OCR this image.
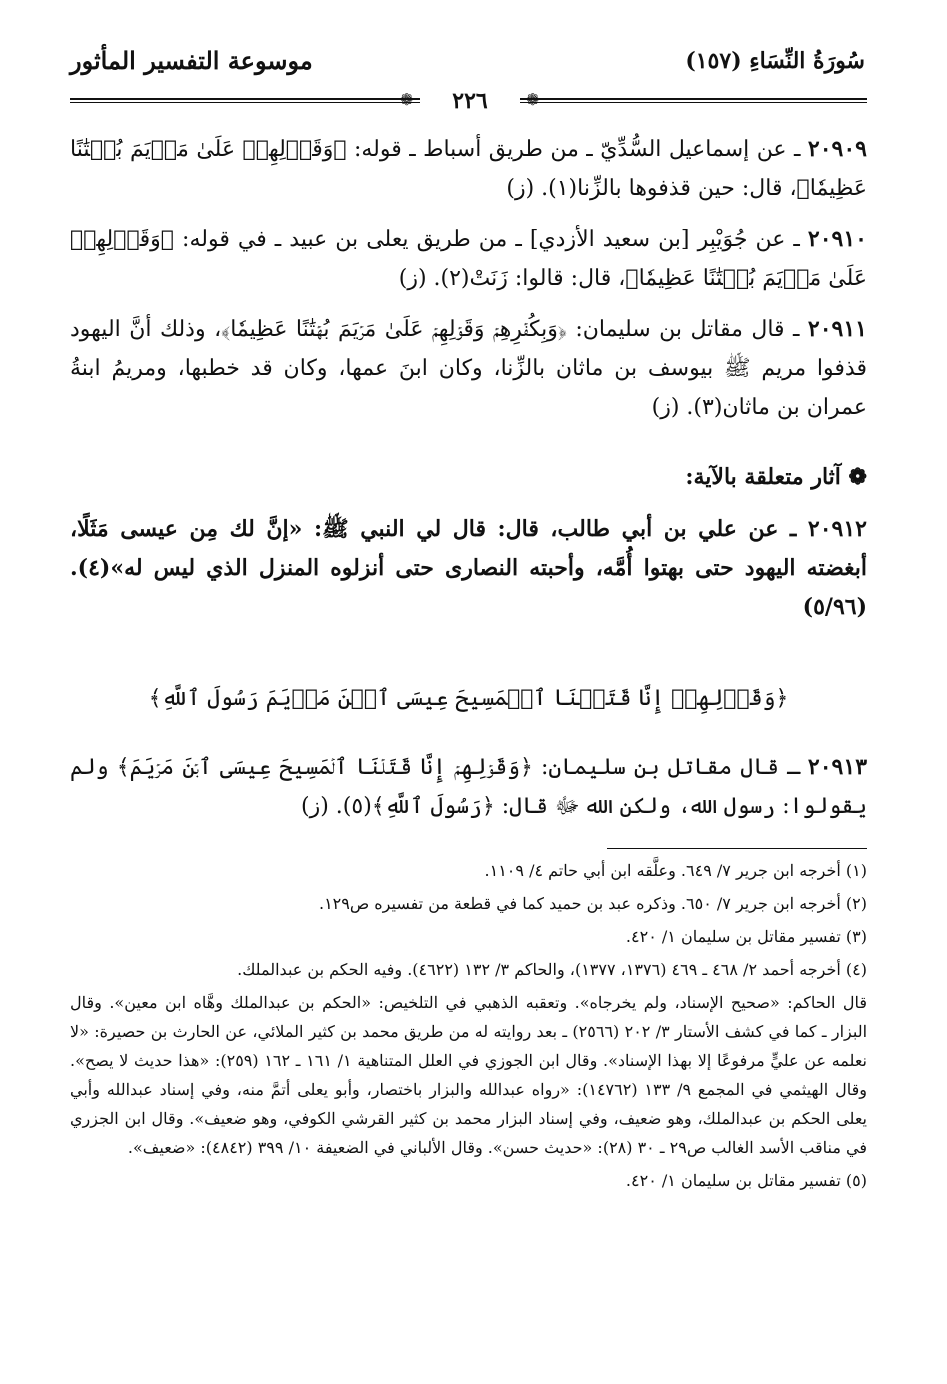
سُورَةُ النِّسَاءِ (١٥٧)
موسوعة التفسير المأثور
❁	٢٢٦	❁

٢٠٩٠٩ ـ عن إسماعيل السُّدِّيّ ـ من طريق أسباط ـ قوله: ﴿وَقَوۡلِهِمۡ عَلَىٰ مَرۡيَمَ بُهۡتَٰنًا عَظِيمٗا﴾، قال: حين قذفوها بالزِّنا(١). (ز)

٢٠٩١٠ ـ عن جُوَيْبِر [بن سعيد الأزدي] ـ من طريق يعلى بن عبيد ـ في قوله: ﴿وَقَوۡلِهِمۡ عَلَىٰ مَرۡيَمَ بُهۡتَٰنًا عَظِيمٗا﴾، قال: قالوا: زَنَتْ(٢). (ز)

٢٠٩١١ ـ قال مقاتل بن سليمان: ﴿وَبِكُفۡرِهِمۡ وَقَوۡلِهِمۡ عَلَىٰ مَرۡيَمَ بُهۡتَٰنًا عَظِيمٗا﴾، وذلك أنَّ اليهود قذفوا مريم ﷺ بيوسف بن ماثان بالزِّنا، وكان ابنَ عمها، وكان قد خطبها، ومريمُ ابنةُ عمران بن ماثان(٣). (ز)

❁ آثار متعلقة بالآية:

٢٠٩١٢ ـ عن علي بن أبي طالب، قال: قال لي النبي ﷺ: «إنَّ لك مِن عيسى مَثَلًا، أبغضته اليهود حتى بهتوا أُمَّه، وأحبته النصارى حتى أنزلوه المنزل الذي ليس له»(٤). (٥/٩٦)

﴿وَقَوۡلِهِمۡ إِنَّا قَتَلۡنَا ٱلۡمَسِيحَ عِيسَى ٱبۡنَ مَرۡيَمَ رَسُولَ ٱللَّهِ﴾

٢٠٩١٣ ـ قال مقاتل بن سليمان: ﴿وَقَوۡلِهِمۡ إِنَّا قَتَلۡنَا ٱلۡمَسِيحَ عِيسَى ٱبۡنَ مَرۡيَمَ﴾ ولم يقولوا: رسول الله، ولكن الله ﷻ قال: ﴿رَسُولَ ٱللَّهِ﴾(٥). (ز)

(١) أخرجه ابن جرير ٧/ ٦٤٩. وعلَّقه ابن أبي حاتم ٤/ ١١٠٩.

(٢) أخرجه ابن جرير ٧/ ٦٥٠. وذكره عبد بن حميد كما في قطعة من تفسيره ص١٢٩.

(٣) تفسير مقاتل بن سليمان ١/ ٤٢٠.

(٤) أخرجه أحمد ٢/ ٤٦٨ ـ ٤٦٩ (١٣٧٦، ١٣٧٧)، والحاكم ٣/ ١٣٢ (٤٦٢٢). وفيه الحكم بن عبدالملك.

قال الحاكم: «صحيح الإسناد، ولم يخرجاه». وتعقبه الذهبي في التلخيص: «الحكم بن عبدالملك وهَّاه ابن معين». وقال البزار ـ كما في كشف الأستار ٣/ ٢٠٢ (٢٥٦٦) ـ بعد روايته له من طريق محمد بن كثير الملائي، عن الحارث بن حصيرة: «لا نعلمه عن عليٍّ مرفوعًا إلا بهذا الإسناد». وقال ابن الجوزي في العلل المتناهية ١/ ١٦١ ـ ١٦٢ (٢٥٩): «هذا حديث لا يصح». وقال الهيثمي في المجمع ٩/ ١٣٣ (١٤٧٦٢): «رواه عبدالله والبزار باختصار، وأبو يعلى أتمَّ منه، وفي إسناد عبدالله وأبي يعلى الحكم بن عبدالملك، وهو ضعيف، وفي إسناد البزار محمد بن كثير القرشي الكوفي، وهو ضعيف». وقال ابن الجزري في مناقب الأسد الغالب ص٢٩ ـ ٣٠ (٢٨): «حديث حسن». وقال الألباني في الضعيفة ١٠/ ٣٩٩ (٤٨٤٢): «ضعيف».

(٥) تفسير مقاتل بن سليمان ١/ ٤٢٠.
